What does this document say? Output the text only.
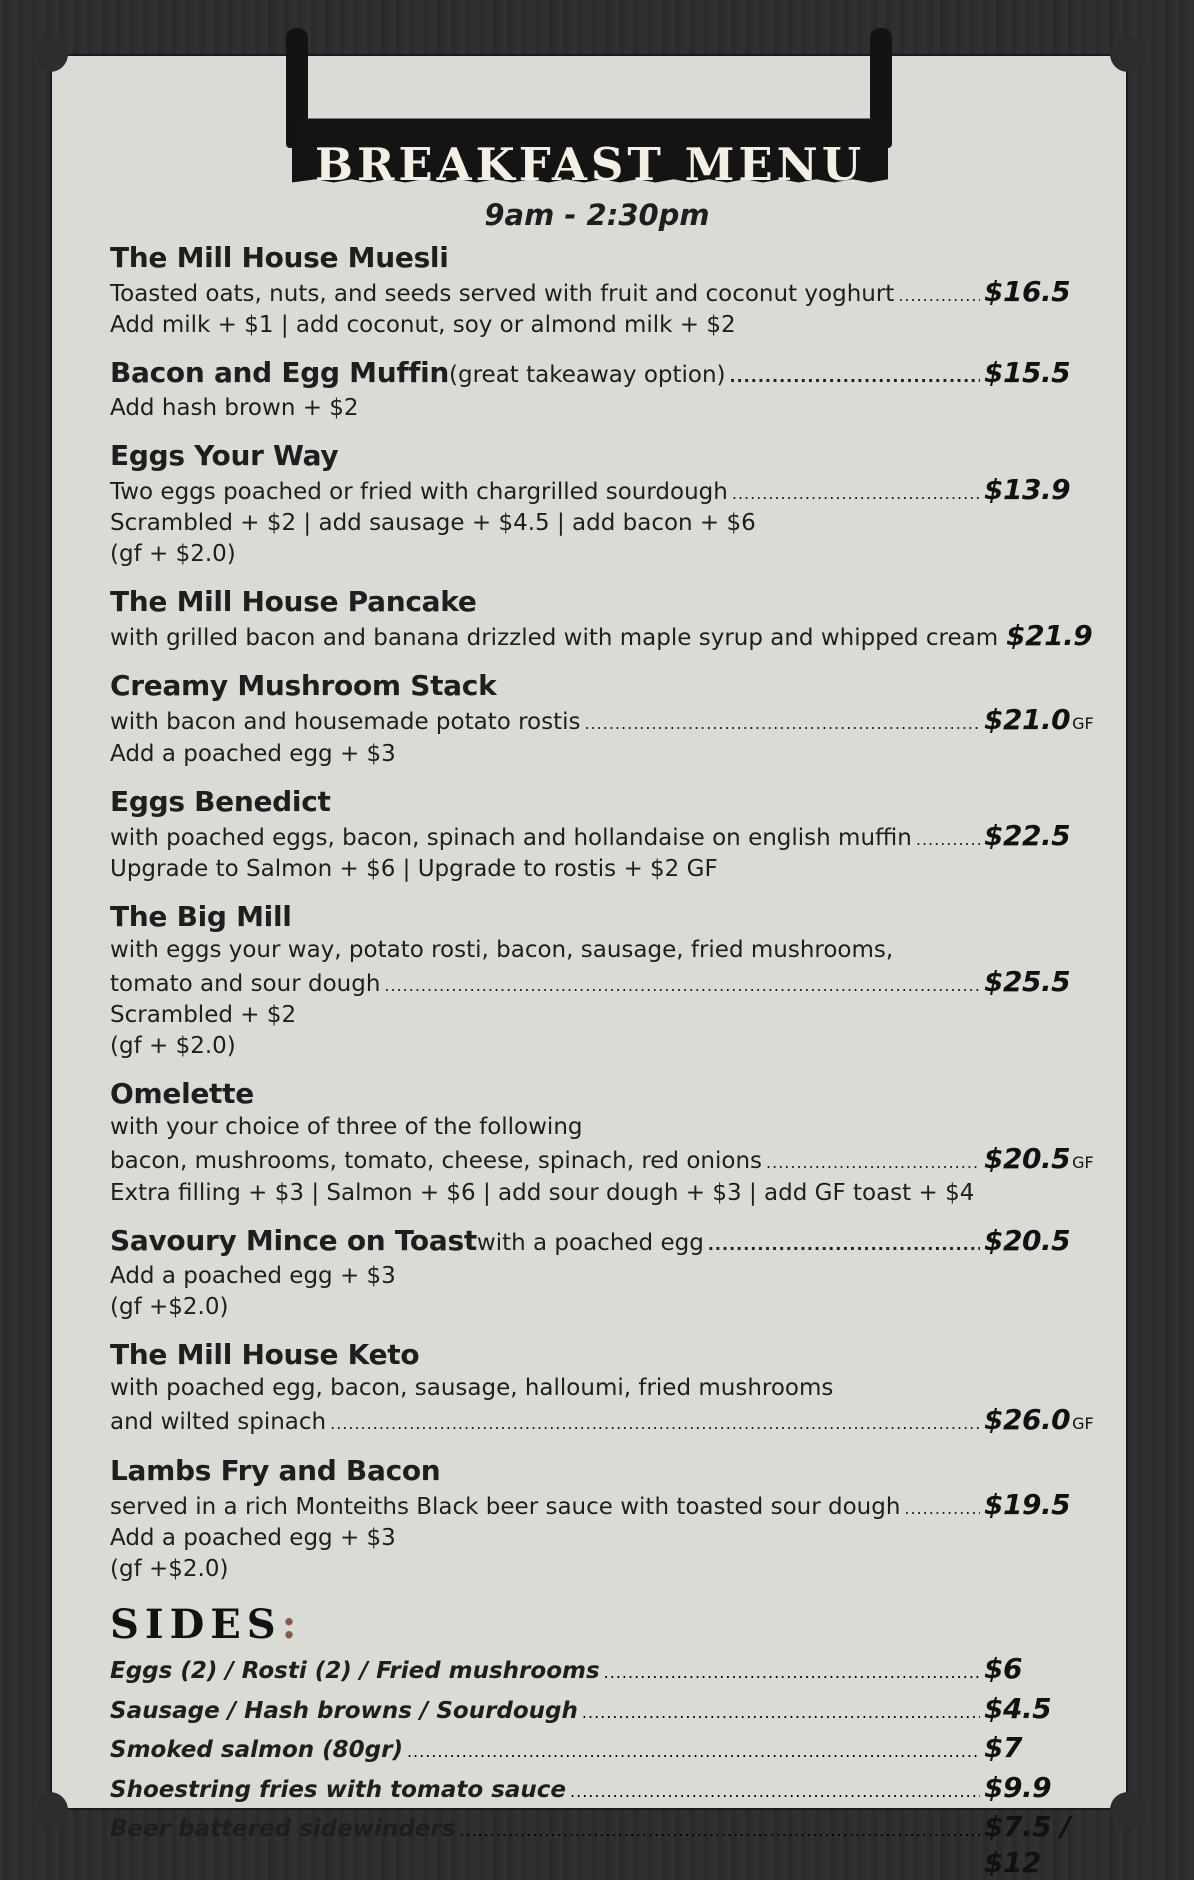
BREAKFAST MENU
9am - 2:30pm
The Mill House Muesli
Toasted oats, nuts, and seeds served with fruit and coconut yoghurt .....	$16.5
Add milk + $1 | add coconut, soy or almond milk + $2
Bacon and Egg Muffin (great takeaway option) .....	$15.5
Add hash brown + $2
Eggs Your Way
Two eggs poached or fried with chargrilled sourdough .....	$13.9
Scrambled + $2 | add sausage + $4.5 | add bacon + $6
(gf + $2.0)
The Mill House Pancake
with grilled bacon and banana drizzled with maple syrup and whipped cream $21.9
Creamy Mushroom Stack
with bacon and housemade potato rostis .....	$21.0 GF
Add a poached egg + $3
Eggs Benedict
with poached eggs, bacon, spinach and hollandaise on english muffin .....	$22.5
Upgrade to Salmon + $6 | Upgrade to rostis + $2 GF
The Big Mill
with eggs your way, potato rosti, bacon, sausage, fried mushrooms,
tomato and sour dough .....	$25.5
Scrambled + $2
(gf + $2.0)
Omelette
with your choice of three of the following
bacon, mushrooms, tomato, cheese, spinach, red onions .....	$20.5 GF
Extra filling + $3 | Salmon + $6 | add sour dough + $3 | add GF toast + $4
Savoury Mince on Toast with a poached egg .....	$20.5
Add a poached egg + $3
(gf +$2.0)
The Mill House Keto
with poached egg, bacon, sausage, halloumi, fried mushrooms
and wilted spinach .....	$26.0 GF
Lambs Fry and Bacon
served in a rich Monteiths Black beer sauce with toasted sour dough .....	$19.5
Add a poached egg + $3
(gf +$2.0)
SIDES:
Eggs (2) / Rosti (2) / Fried mushrooms .....	$6
Sausage / Hash browns / Sourdough .....	$4.5
Smoked salmon (80gr) .....	$7
Shoestring fries with tomato sauce .....	$9.9
Beer battered sidewinders .....	$7.5 / $12
